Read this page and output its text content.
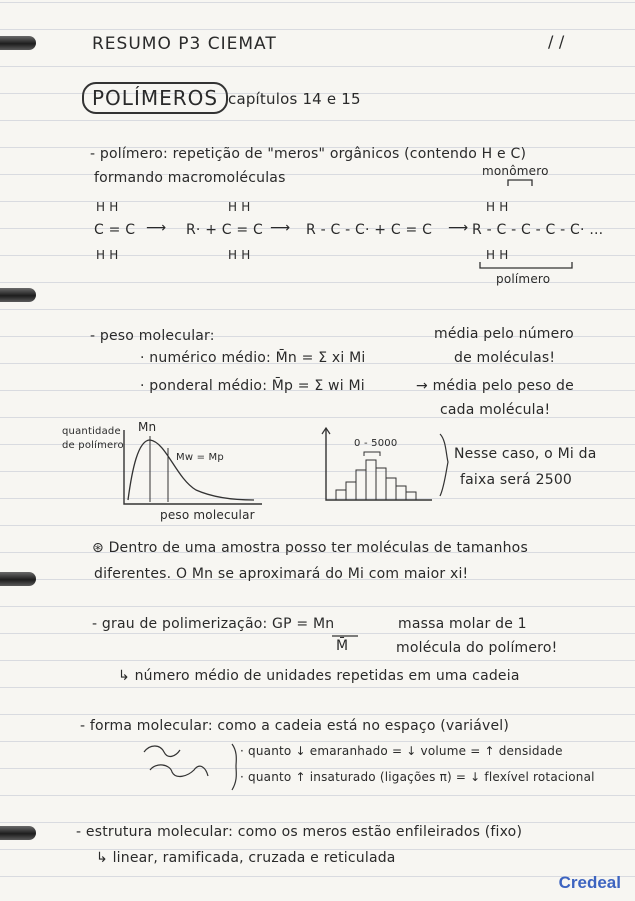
RESUMO P3 CIEMAT	/ /
POLÍMEROS capítulos 14 e 15
- polímero: repetição de "meros" orgânicos (contendo H e C)
formando macromoléculas	monômero
H H	H H	H H
C = C ⟶ R· + C = C ⟶ R - C - C· + C = C ⟶ R - C - C - C - C· ...
H H	H H	H H
polímero
- peso molecular:
· numérico médio: M̄n = Σ xi Mi
média pelo número
de moléculas!
· ponderal médio: M̄p = Σ wi Mi	→ média pelo peso de
cada molécula!
quantidade
de polímero
Mn
Mw = Mp
peso molecular
0 - 5000
Nesse caso, o Mi da
faixa será 2500
⊛ Dentro de uma amostra posso ter moléculas de tamanhos
diferentes. O Mn se aproximará do Mi com maior xi!
- grau de polimerização: GP = Mn
M̄
massa molar de 1
molécula do polímero!
↳ número médio de unidades repetidas em uma cadeia
- forma molecular: como a cadeia está no espaço (variável)
· quanto ↓ emaranhado = ↓ volume = ↑ densidade
· quanto ↑ insaturado (ligações π) = ↓ flexível rotacional
- estrutura molecular: como os meros estão enfileirados (fixo)
↳ linear, ramificada, cruzada e reticulada
Credeal
